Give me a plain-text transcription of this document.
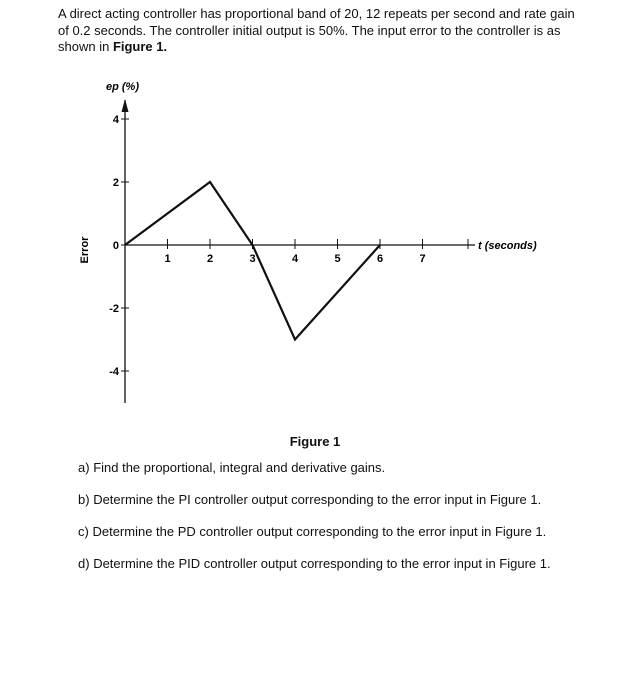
A direct acting controller has proportional band of 20, 12 repeats per second and rate gain of 0.2 seconds. The controller initial output is 50%. The input error to the controller is as shown in Figure 1.

1	2	3	4	5	6	7
4
2
0
-2
-4
ep (%)
t (seconds)
Error
Figure 1
a) Find the proportional, integral and derivative gains.
b) Determine the PI controller output corresponding to the error input in Figure 1.
c) Determine the PD controller output corresponding to the error input in Figure 1.
d) Determine the PID controller output corresponding to the error input in Figure 1.
